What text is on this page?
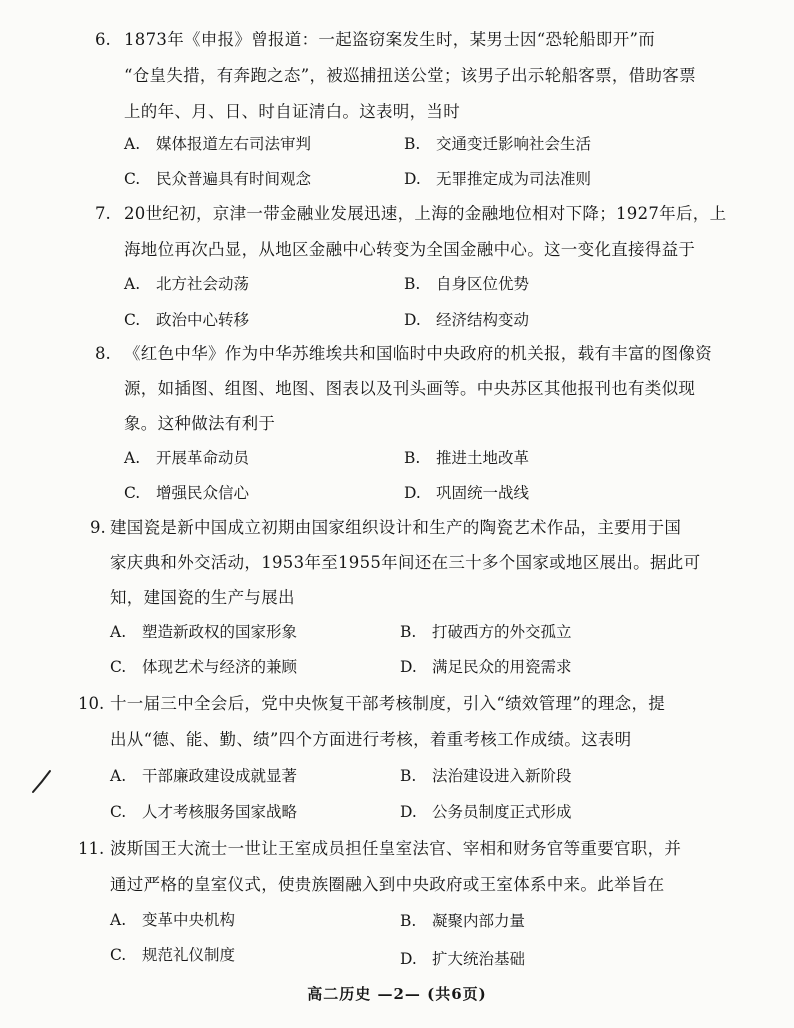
6. 1873年《申报》曾报道：一起盗窃案发生时，某男士因“恐轮船即开”而
“仓皇失措，有奔跑之态”，被巡捕扭送公堂；该男子出示轮船客票，借助客票
上的年、月、日、时自证清白。这表明，当时
A. 媒体报道左右司法审判	B. 交通变迁影响社会生活
C. 民众普遍具有时间观念	D. 无罪推定成为司法准则
7. 20世纪初，京津一带金融业发展迅速，上海的金融地位相对下降；1927年后，上
海地位再次凸显，从地区金融中心转变为全国金融中心。这一变化直接得益于
A. 北方社会动荡	B. 自身区位优势
C. 政治中心转移	D. 经济结构变动
8. 《红色中华》作为中华苏维埃共和国临时中央政府的机关报，载有丰富的图像资
源，如插图、组图、地图、图表以及刊头画等。中央苏区其他报刊也有类似现
象。这种做法有利于
A. 开展革命动员	B. 推进土地改革
C. 增强民众信心	D. 巩固统一战线
9. 建国瓷是新中国成立初期由国家组织设计和生产的陶瓷艺术作品，主要用于国
家庆典和外交活动，1953年至1955年间还在三十多个国家或地区展出。据此可
知，建国瓷的生产与展出
A. 塑造新政权的国家形象	B. 打破西方的外交孤立
C. 体现艺术与经济的兼顾	D. 满足民众的用瓷需求
10. 十一届三中全会后，党中央恢复干部考核制度，引入“绩效管理”的理念，提
出从“德、能、勤、绩”四个方面进行考核，着重考核工作成绩。这表明
A. 干部廉政建设成就显著	B. 法治建设进入新阶段
C. 人才考核服务国家战略	D. 公务员制度正式形成
11. 波斯国王大流士一世让王室成员担任皇室法官、宰相和财务官等重要官职，并
通过严格的皇室仪式，使贵族圈融入到中央政府或王室体系中来。此举旨在
A. 变革中央机构	B. 凝聚内部力量
C. 规范礼仪制度	D. 扩大统治基础
高二历史 —2— (共6页)
